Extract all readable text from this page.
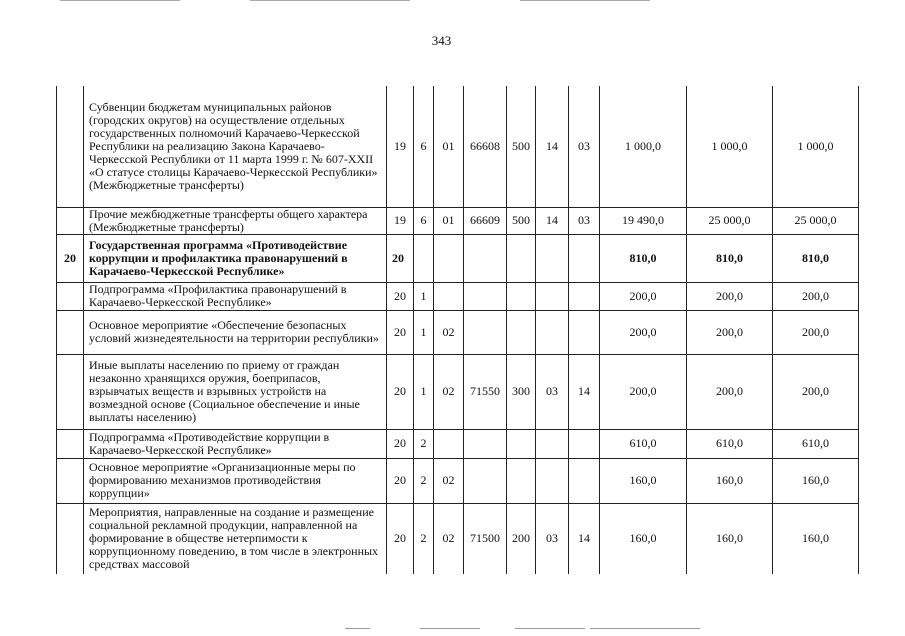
343
	Субвенции бюджетам муниципальных районов (городских округов) на осуществление отдельных государственных полномочий Карачаево-Черкесской Республики на реализацию Закона Карачаево-Черкесской Республики от 11 марта 1999 г. № 607-XXII «О статусе столицы Карачаево-Черкесской Республики» (Межбюджетные трансферты)	19	6	01	66608	500	14	03	1 000,0	1 000,0	1 000,0
	Прочие межбюджетные трансферты общего характера (Межбюджетные трансферты)	19	6	01	66609	500	14	03	19 490,0	25 000,0	25 000,0
20	Государственная программа «Противодействие коррупции и профилактика правонарушений в Карачаево-Черкесской Республике»	20							810,0	810,0	810,0
	Подпрограмма «Профилактика правонарушений в Карачаево-Черкесской Республике»	20	1						200,0	200,0	200,0
	Основное мероприятие «Обеспечение безопасных условий жизнедеятельности на территории республики»	20	1	02					200,0	200,0	200,0
	Иные выплаты населению по приему от граждан незаконно хранящихся оружия, боеприпасов, взрывчатых веществ и взрывных устройств на возмездной основе (Социальное обеспечение и иные выплаты населению)	20	1	02	71550	300	03	14	200,0	200,0	200,0
	Подпрограмма «Противодействие коррупции в Карачаево-Черкесской Республике»	20	2						610,0	610,0	610,0
	Основное мероприятие «Организационные меры по формированию механизмов противодействия коррупции»	20	2	02					160,0	160,0	160,0
	Мероприятия, направленные на создание и размещение социальной рекламной продукции, направленной на формирование в обществе нетерпимости к коррупционному поведению, в том числе в электронных средствах массовой	20	2	02	71500	200	03	14	160,0	160,0	160,0
